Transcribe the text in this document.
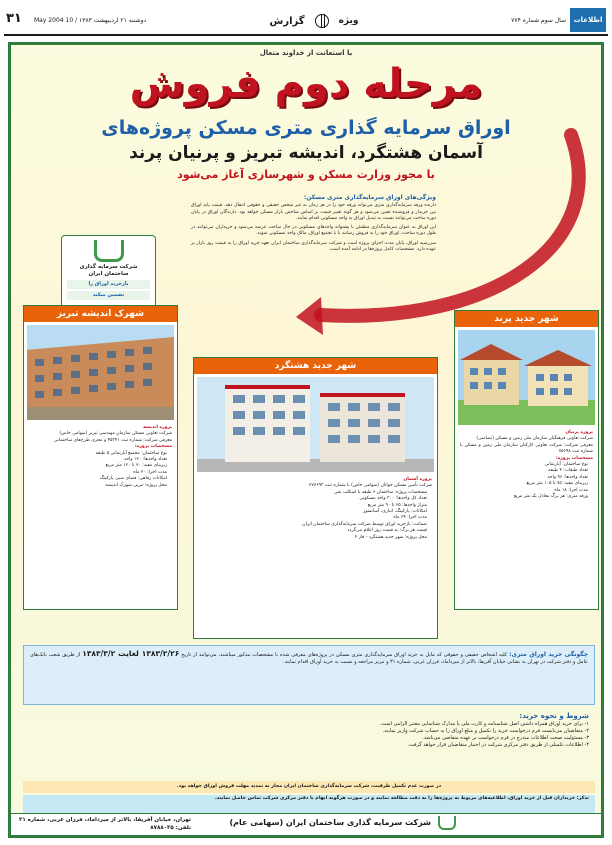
اطلاعات
سال سوم شماره ۷۷۴
ویژه
گزارش
دوشنبه ۲۱ اردیبهشت ۱۳۸۳ / 10 May 2004
۳۱
با استعانت از خداوند متعال
مرحله دوم فروش
اوراق سرمایه گذاری متری مسکن پروژه‌های
آسمان هشتگرد، اندیشه تبریز و پرنیان پرند
با مجوز وزارت مسکن و شهرسازی آغاز می‌شود
ویژگی‌های اوراق سرمایه‌گذاری متری مسکن:

دارنده ورقه سرمایه‌گذاری متری می‌تواند ورقه خود را در هر زمان به غیر شخص حقیقی و حقوقی انتقال دهد. قیمت پایه اوراق بین خریدار و فروشنده تعیین می‌شود و هر گونه تغییر قیمت بر اساس شاخص بازار مسکن خواهد بود. دارندگان اوراق در پایان دوره ساخت می‌توانند نسبت به تبدیل اوراق به واحد مسکونی اقدام نمایند.

این اوراق به عنوان سرمایه‌گذاری مطمئن با پشتوانه واحدهای مسکونی در حال ساخت عرضه می‌شود و خریداران می‌توانند در طول دوره ساخت، اوراق خود را به فروش رسانند یا با تجمیع اوراق، مالک واحد مسکونی شوند.

سررسید اوراق، پایان مدت اجرای پروژه است و شرکت سرمایه‌گذاری ساختمان ایران تعهد خرید اوراق را به قیمت روز بازار بر عهده دارد. مشخصات کامل پروژه‌ها در ادامه آمده است.

شرکت سرمایه گذاری
ساختمان ایران
بازخرید اوراق را
تضمین میکند
شهر جدید پرند
پروژه پرنیان
شرکت تعاونی فرهنگیان سازمان ملی زمین و مسکن (تضامنی)
معرفی شرکت: شرکت تعاونی کارکنان سازمان ملی زمین و مسکن با شماره ثبت ۷۵۶۹۸
مشخصات پروژه:
نوع ساختمان: آپارتمانی
تعداد طبقات: ۴ طبقه
تعداد واحدها: ۹۶ واحد
زیربنای مفید: ۷۵ تا ۱۰۵ متر مربع
مدت اجرا: ۱۸ ماه
ورقه متری: هر برگ معادل یک متر مربع
شهر جدید هشتگرد
پروژه آسمان
شرکت تأمین مسکن جوانان (سهامی خاص) با شماره ثبت ۲۷۷۶۹۳
مشخصات پروژه: ساختمان ۶ طبقه با اسکلت بتنی
تعداد کل واحدها: ۳۰۰ واحد مسکونی
متراژ واحدها: ۶۵ تا ۹۰ متر مربع
امکانات: پارکینگ، انباری، آسانسور
مدت اجرا: ۲۴ ماه
ضمانت: بازخرید اوراق توسط شرکت سرمایه‌گذاری ساختمان ایران
قیمت هر برگ: به قیمت روز اعلام می‌گردد
محل پروژه: شهر جدید هشتگرد - فاز ۲
شهرک اندیشه تبریز
پروژه اندیشه
شرکت تعاونی مسکن سازمان مهندسی تبریز (سهامی خاص)
معرفی شرکت: شماره ثبت ۴۵۳۴۱ و مجری طرح‌های ساختمانی
مشخصات پروژه:
نوع ساختمان: مجتمع آپارتمانی ۵ طبقه
تعداد واحدها: ۱۲۰ واحد
زیربنای مفید: ۷۰ تا ۱۲۰ متر مربع
مدت اجرا: ۲۰ ماه
امکانات رفاهی: فضای سبز، پارکینگ
محل پروژه: تبریز، شهرک اندیشه
چگونگی خرید اوراق متری: کلیه اشخاص حقیقی و حقوقی که مایل به خرید اوراق سرمایه‌گذاری متری مسکن در پروژه‌های معرفی شده با مشخصات مذکور میباشند، می‌توانند از تاریخ ۱۳۸۳/۲/۲۶ لغایت ۱۳۸۳/۳/۲ از طریق شعب بانک‌های عامل و دفتر شرکت در تهران به نشانی خیابان آفریقا، بالاتر از میرداماد، فرزان غربی، شماره ۳۱ و تبریز مراجعه و نسبت به خرید اوراق اقدام نمایند.
شروط و نحوه خرید:
۱- برای خرید اوراق همراه داشتن اصل شناسنامه و کارت ملی یا مدارک شناسایی معتبر الزامی است.
۲- متقاضیان می‌بایست فرم درخواست خرید را تکمیل و مبلغ اوراق را به حساب شرکت واریز نمایند.
۳- مسئولیت صحت اطلاعات مندرج در فرم درخواست بر عهده متقاضی می‌باشد.
۴- اطلاعات تکمیلی از طریق دفتر مرکزی شرکت در اختیار متقاضیان قرار خواهد گرفت.
در صورت عدم تکمیل ظرفیت، شرکت سرمایه‌گذاری ساختمان ایران مجاز به تمدید مهلت فروش اوراق خواهد بود.
تذکر: خریداران قبل از خرید اوراق، اطلاعیه‌های مربوط به پروژه‌ها را به دقت مطالعه نمایند و در صورت هرگونه ابهام با دفتر مرکزی شرکت تماس حاصل نمایند.
شرکت سرمایه گذاری ساختمان ایران (سهامی عام)
تهران، خیابان آفریقا، بالاتر از میرداماد، فرزان غربی، شماره ۳۱
تلفن: ۸۷۸۸۰۳۵
